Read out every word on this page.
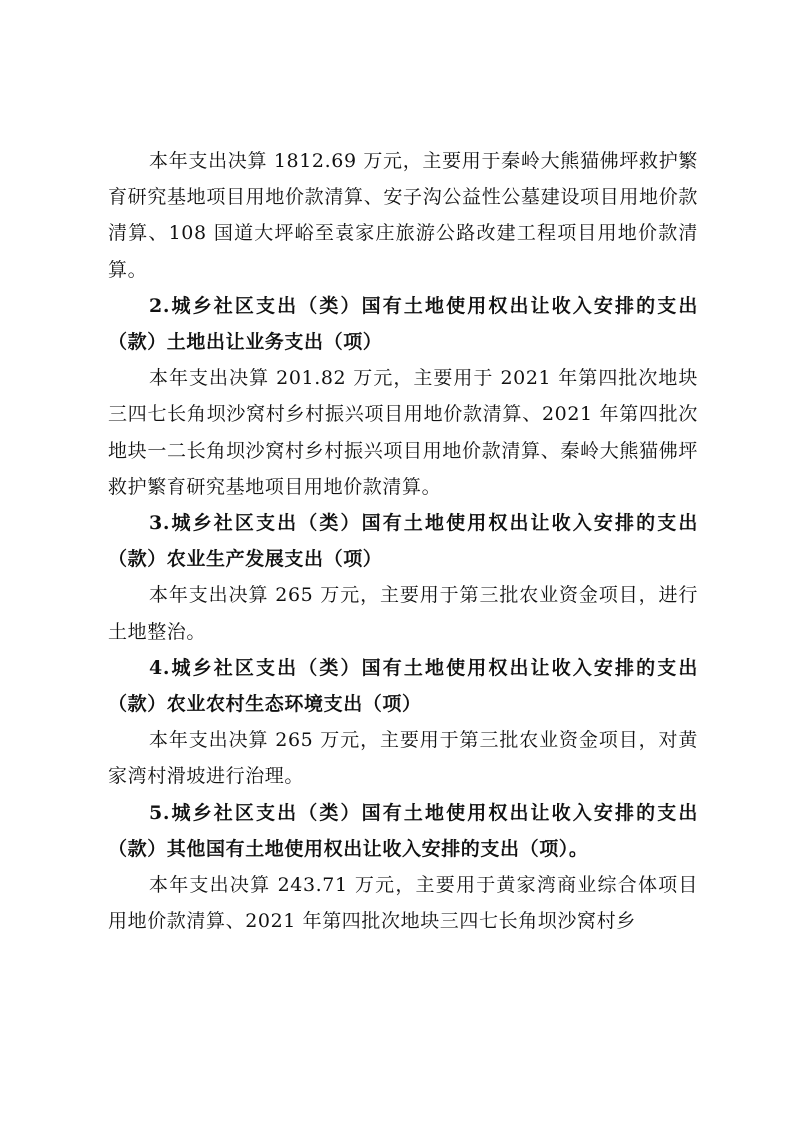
本年支出决算 1812.69 万元，主要用于秦岭大熊猫佛坪救护繁育研究基地项目用地价款清算、安子沟公益性公墓建设项目用地价款清算、108 国道大坪峪至袁家庄旅游公路改建工程项目用地价款清算。

2.城乡社区支出（类）国有土地使用权出让收入安排的支出（款）土地出让业务支出（项）

本年支出决算 201.82 万元，主要用于 2021 年第四批次地块三四七长角坝沙窝村乡村振兴项目用地价款清算、2021 年第四批次地块一二长角坝沙窝村乡村振兴项目用地价款清算、秦岭大熊猫佛坪救护繁育研究基地项目用地价款清算。

3.城乡社区支出（类）国有土地使用权出让收入安排的支出（款）农业生产发展支出（项）

本年支出决算 265 万元，主要用于第三批农业资金项目，进行土地整治。

4.城乡社区支出（类）国有土地使用权出让收入安排的支出（款）农业农村生态环境支出（项）

本年支出决算 265 万元，主要用于第三批农业资金项目，对黄家湾村滑坡进行治理。

5.城乡社区支出（类）国有土地使用权出让收入安排的支出（款）其他国有土地使用权出让收入安排的支出（项）。

本年支出决算 243.71 万元，主要用于黄家湾商业综合体项目用地价款清算、2021 年第四批次地块三四七长角坝沙窝村乡
